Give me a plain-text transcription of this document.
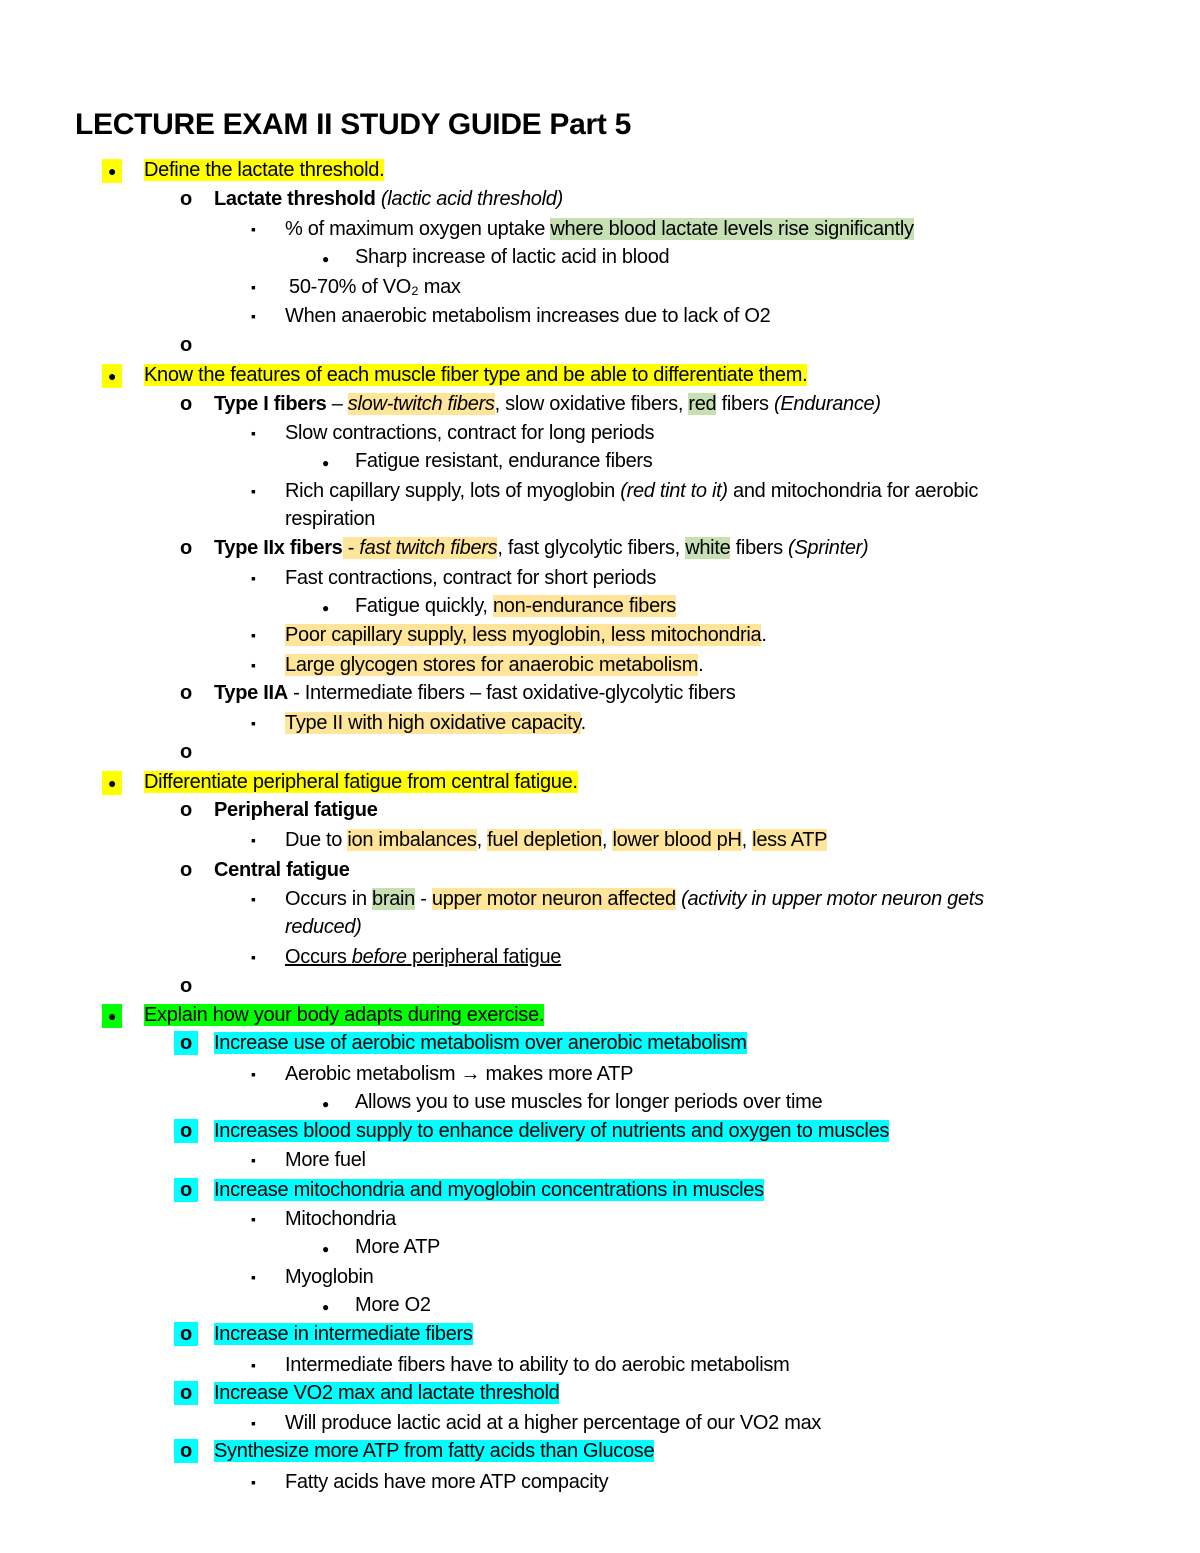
LECTURE EXAM II STUDY GUIDE Part 5
●	Define the lactate threshold.
o Lactate threshold (lactic acid threshold)
▪ % of maximum oxygen uptake where blood lactate levels rise significantly
● Sharp increase of lactic acid in blood
▪ 50-70% of VO₂ max
▪ When anaerobic metabolism increases due to lack of O2
o
●	Know the features of each muscle fiber type and be able to differentiate them.
o Type I fibers – slow-twitch fibers, slow oxidative fibers, red fibers (Endurance)
▪ Slow contractions, contract for long periods
● Fatigue resistant, endurance fibers
▪ Rich capillary supply, lots of myoglobin (red tint to it) and mitochondria for aerobic
respiration
o Type IIx fibers - fast twitch fibers, fast glycolytic fibers, white fibers (Sprinter)
▪ Fast contractions, contract for short periods
● Fatigue quickly, non-endurance fibers
▪ Poor capillary supply, less myoglobin, less mitochondria.
▪ Large glycogen stores for anaerobic metabolism.
o Type IIA - Intermediate fibers – fast oxidative-glycolytic fibers
▪ Type II with high oxidative capacity.
o
●	Differentiate peripheral fatigue from central fatigue.
o Peripheral fatigue
▪ Due to ion imbalances, fuel depletion, lower blood pH, less ATP
o Central fatigue
▪ Occurs in brain - upper motor neuron affected (activity in upper motor neuron gets
reduced)
▪ Occurs before peripheral fatigue
o
●	Explain how your body adapts during exercise.
o	Increase use of aerobic metabolism over anerobic metabolism
▪ Aerobic metabolism → makes more ATP
● Allows you to use muscles for longer periods over time
o	Increases blood supply to enhance delivery of nutrients and oxygen to muscles
▪ More fuel
o	Increase mitochondria and myoglobin concentrations in muscles
▪ Mitochondria
● More ATP
▪ Myoglobin
● More O2
o	Increase in intermediate fibers
▪ Intermediate fibers have to ability to do aerobic metabolism
o	Increase VO2 max and lactate threshold
▪ Will produce lactic acid at a higher percentage of our VO2 max
o	Synthesize more ATP from fatty acids than Glucose
▪ Fatty acids have more ATP compacity
